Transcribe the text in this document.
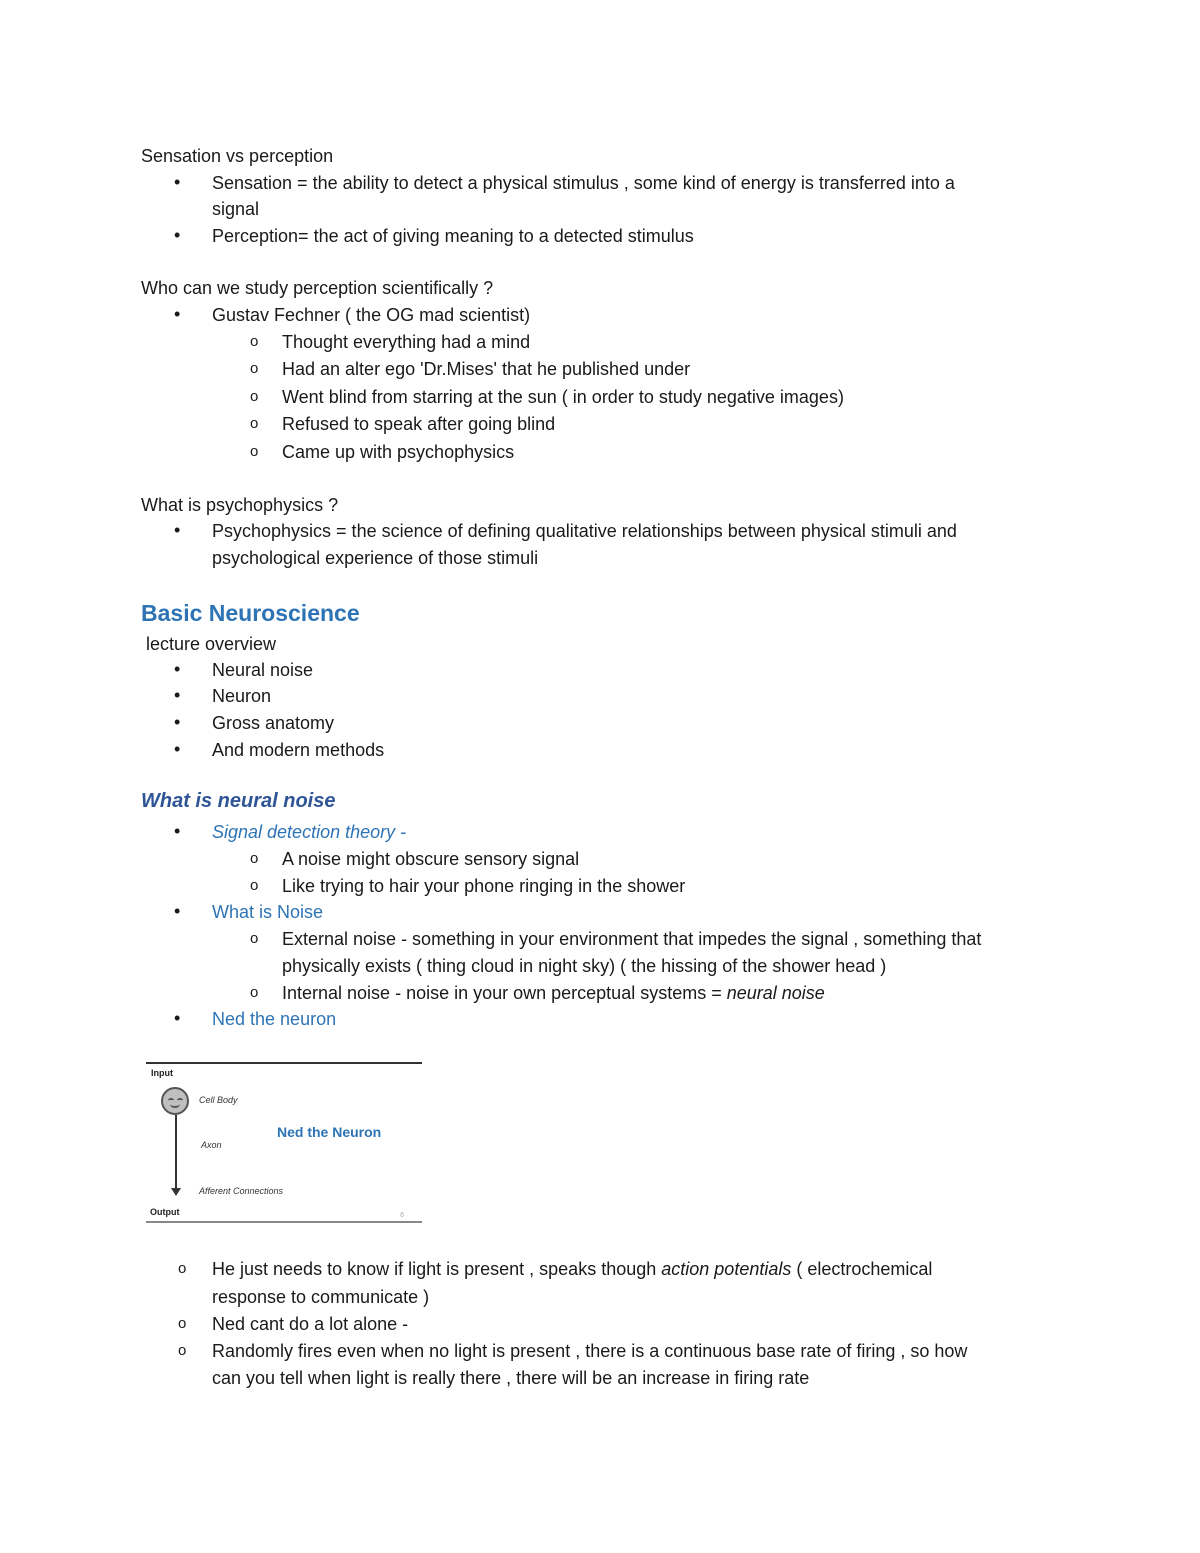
Sensation vs perception
• Sensation = the ability to detect a physical stimulus , some kind of energy is transferred into a
signal
• Perception= the act of giving meaning to a detected stimulus
Who can we study perception scientifically ?
• Gustav Fechner ( the OG mad scientist)
o Thought everything had a mind
o Had an alter ego 'Dr.Mises' that he published under
o Went blind from starring at the sun ( in order to study negative images)
o Refused to speak after going blind
o Came up with psychophysics
What is psychophysics ?
• Psychophysics = the science of defining qualitative relationships between physical stimuli and
psychological experience of those stimuli
Basic Neuroscience
lecture overview
• Neural noise
• Neuron
• Gross anatomy
• And modern methods
What is neural noise
• Signal detection theory -
o A noise might obscure sensory signal
o Like trying to hair your phone ringing in the shower
• What is Noise
o External noise - something in your environment that impedes the signal , something that
physically exists ( thing cloud in night sky) ( the hissing of the shower head )
o Internal noise - noise in your own perceptual systems = neural noise
• Ned the neuron
Input
Cell Body
Ned the Neuron
Axon
Afferent Connections
Output	6
o He just needs to know if light is present , speaks though action potentials ( electrochemical
response to communicate )
o Ned cant do a lot alone -
o Randomly fires even when no light is present , there is a continuous base rate of firing , so how
can you tell when light is really there , there will be an increase in firing rate
